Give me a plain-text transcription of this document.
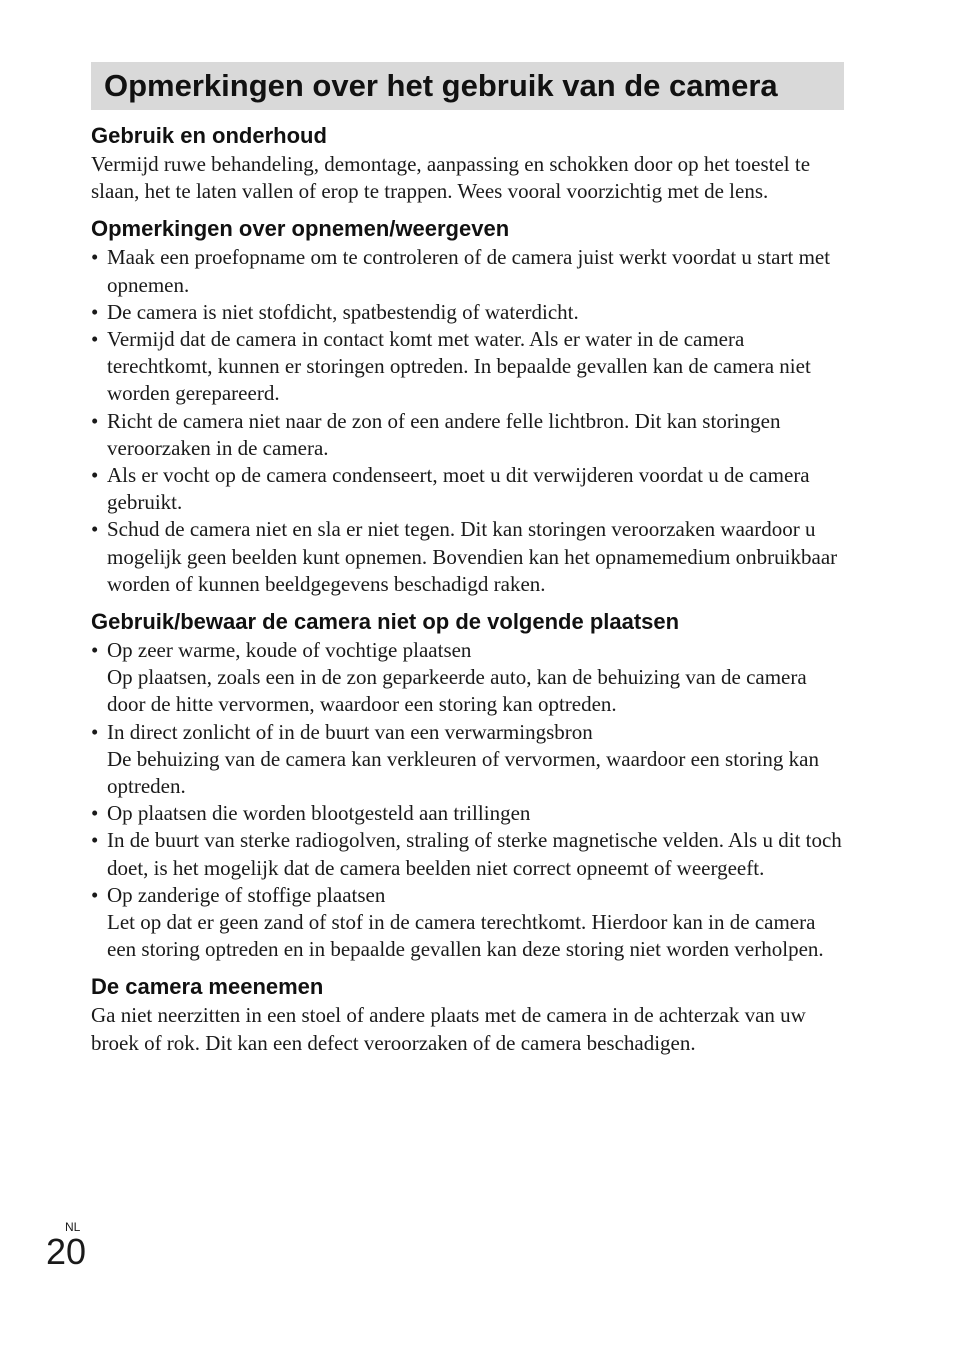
Opmerkingen over het gebruik van de camera
Gebruik en onderhoud

Vermijd ruwe behandeling, demontage, aanpassing en schokken door op het toestel te slaan, het te laten vallen of erop te trappen. Wees vooral voorzichtig met de lens.

Opmerkingen over opnemen/weergeven
• Maak een proefopname om te controleren of de camera juist werkt voordat u start met opnemen.
• De camera is niet stofdicht, spatbestendig of waterdicht.
• Vermijd dat de camera in contact komt met water. Als er water in de camera terechtkomt, kunnen er storingen optreden. In bepaalde gevallen kan de camera niet worden gerepareerd.
• Richt de camera niet naar de zon of een andere felle lichtbron. Dit kan storingen veroorzaken in de camera.
• Als er vocht op de camera condenseert, moet u dit verwijderen voordat u de camera gebruikt.
• Schud de camera niet en sla er niet tegen. Dit kan storingen veroorzaken waardoor u mogelijk geen beelden kunt opnemen. Bovendien kan het opnamemedium onbruikbaar worden of kunnen beeldgegevens beschadigd raken.
Gebruik/bewaar de camera niet op de volgende plaatsen
• Op zeer warme, koude of vochtige plaatsen
Op plaatsen, zoals een in de zon geparkeerde auto, kan de behuizing van de camera door de hitte vervormen, waardoor een storing kan optreden.
• In direct zonlicht of in de buurt van een verwarmingsbron
De behuizing van de camera kan verkleuren of vervormen, waardoor een storing kan optreden.
• Op plaatsen die worden blootgesteld aan trillingen
• In de buurt van sterke radiogolven, straling of sterke magnetische velden. Als u dit toch doet, is het mogelijk dat de camera beelden niet correct opneemt of weergeeft.
• Op zanderige of stoffige plaatsen
Let op dat er geen zand of stof in de camera terechtkomt. Hierdoor kan in de camera een storing optreden en in bepaalde gevallen kan deze storing niet worden verholpen.
De camera meenemen

Ga niet neerzitten in een stoel of andere plaats met de camera in de achterzak van uw broek of rok. Dit kan een defect veroorzaken of de camera beschadigen.

NL
20
